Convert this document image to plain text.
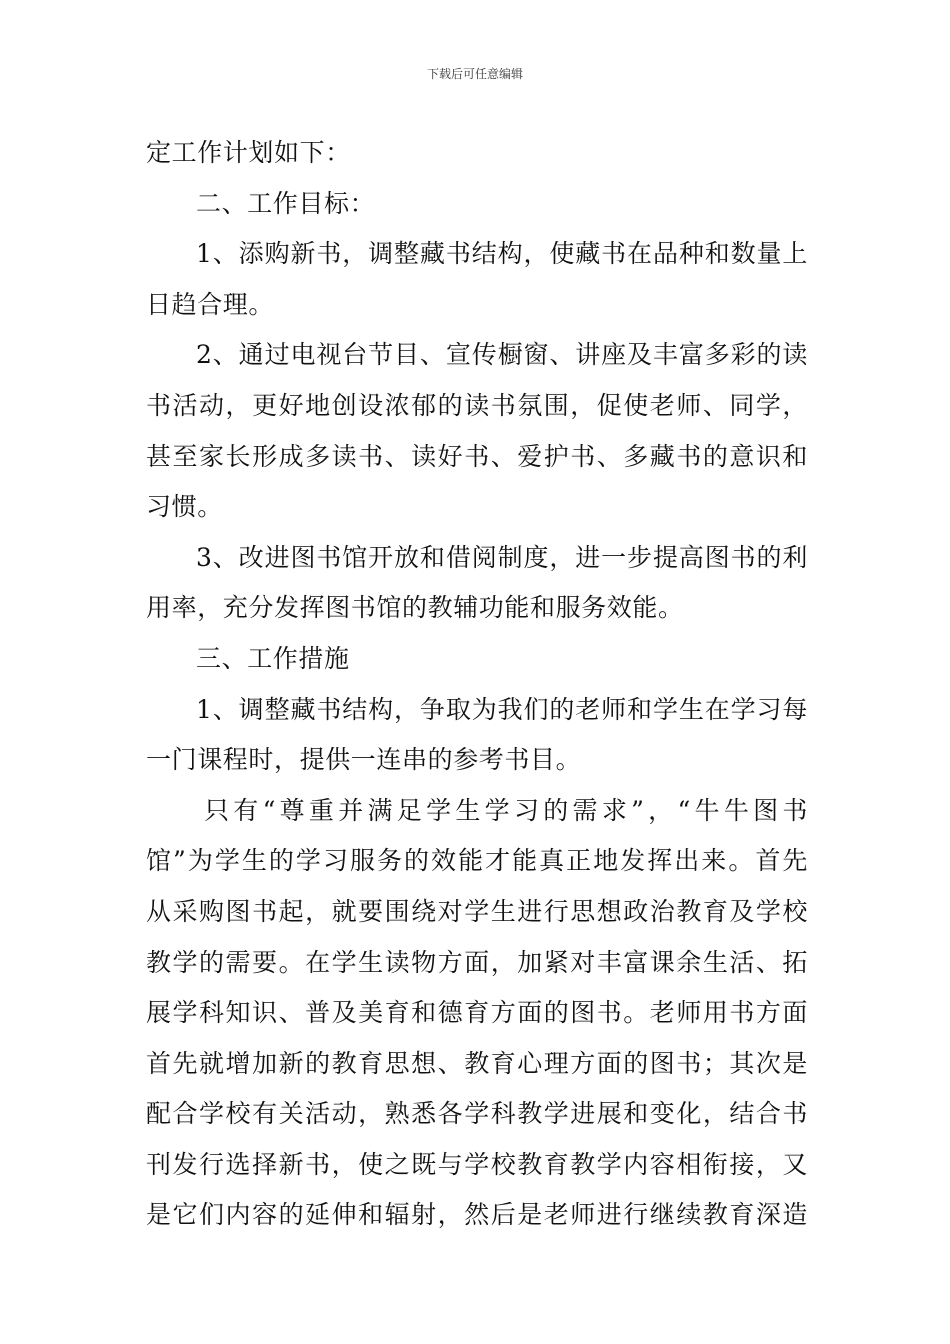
下载后可任意编辑
定工作计划如下：
二、工作目标：
1、添购新书，调整藏书结构，使藏书在品种和数量上
日趋合理。
2、通过电视台节目、宣传橱窗、讲座及丰富多彩的读
书活动，更好地创设浓郁的读书氛围，促使老师、同学，
甚至家长形成多读书、读好书、爱护书、多藏书的意识和
习惯。
3、改进图书馆开放和借阅制度，进一步提高图书的利
用率，充分发挥图书馆的教辅功能和服务效能。
三、工作措施
1、调整藏书结构，争取为我们的老师和学生在学习每
一门课程时，提供一连串的参考书目。
只有“尊重并满足学生学习的需求”，“牛牛图书
馆”为学生的学习服务的效能才能真正地发挥出来。首先
从采购图书起，就要围绕对学生进行思想政治教育及学校
教学的需要。在学生读物方面，加紧对丰富课余生活、拓
展学科知识、普及美育和德育方面的图书。老师用书方面
首先就增加新的教育思想、教育心理方面的图书；其次是
配合学校有关活动，熟悉各学科教学进展和变化，结合书
刊发行选择新书，使之既与学校教育教学内容相衔接，又
是它们内容的延伸和辐射，然后是老师进行继续教育深造
